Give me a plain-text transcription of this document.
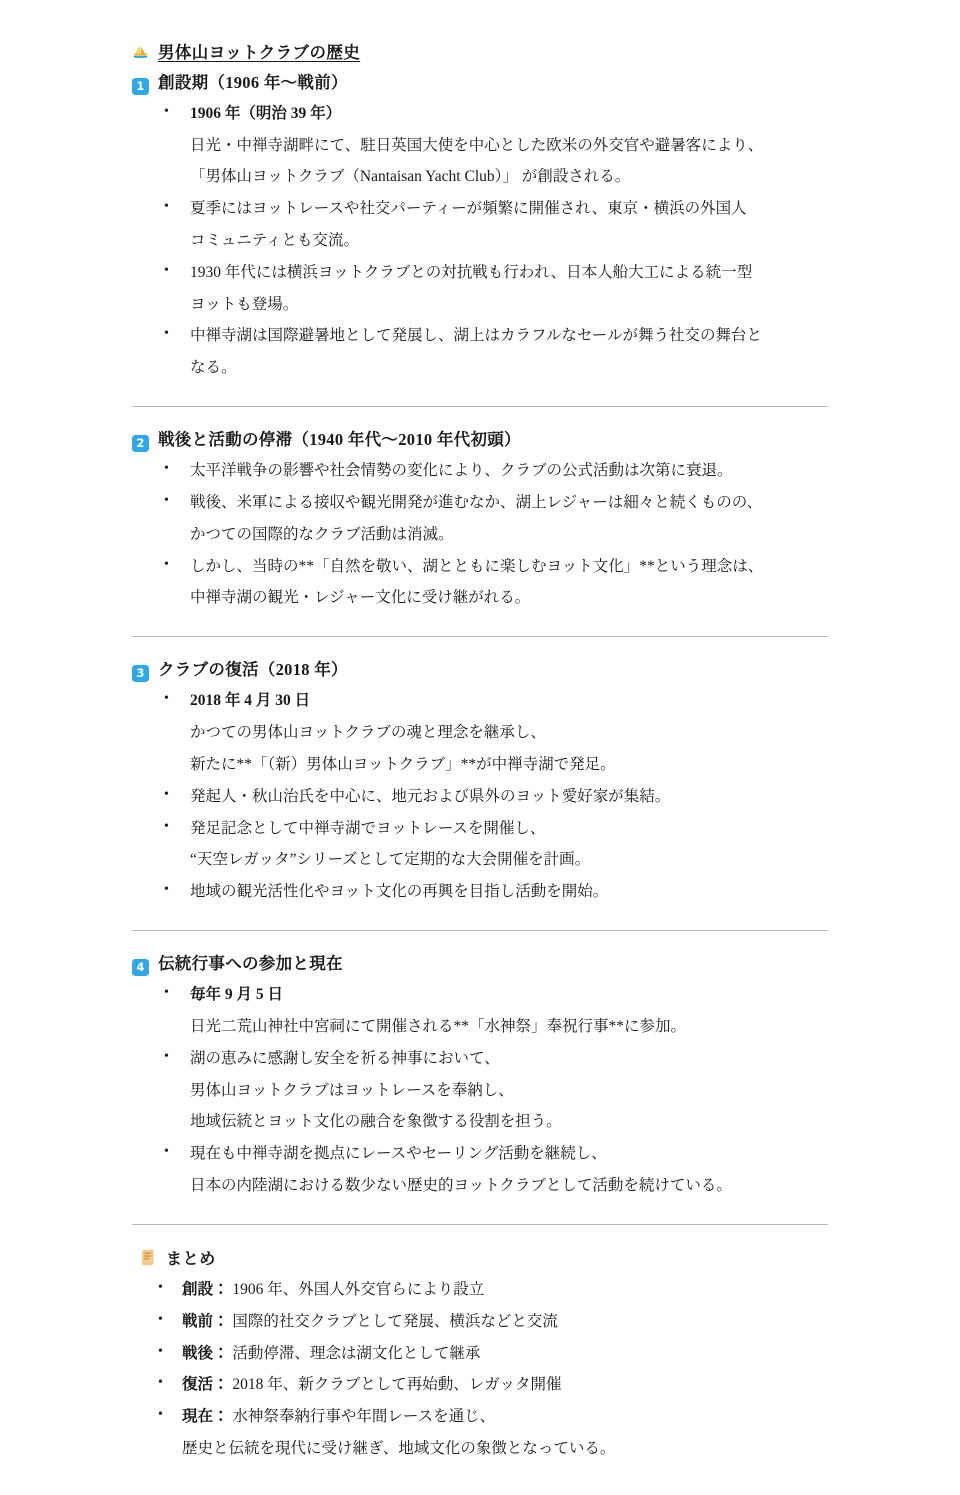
男体山ヨットクラブの歴史
1 創設期（1906 年〜戦前）
• 1906 年（明治 39 年）
日光・中禅寺湖畔にて、駐日英国大使を中心とした欧米の外交官や避暑客により、
「男体山ヨットクラブ（Nantaisan Yacht Club）」 が創設される。
• 夏季にはヨットレースや社交パーティーが頻繁に開催され、東京・横浜の外国人
コミュニティとも交流。
• 1930 年代には横浜ヨットクラブとの対抗戦も行われ、日本人船大工による統一型
ヨットも登場。
• 中禅寺湖は国際避暑地として発展し、湖上はカラフルなセールが舞う社交の舞台と
なる。
2 戦後と活動の停滞（1940 年代〜2010 年代初頭）
• 太平洋戦争の影響や社会情勢の変化により、クラブの公式活動は次第に衰退。
• 戦後、米軍による接収や観光開発が進むなか、湖上レジャーは細々と続くものの、
かつての国際的なクラブ活動は消滅。
• しかし、当時の**「自然を敬い、湖とともに楽しむヨット文化」**という理念は、
中禅寺湖の観光・レジャー文化に受け継がれる。
3 クラブの復活（2018 年）
• 2018 年 4 月 30 日
かつての男体山ヨットクラブの魂と理念を継承し、
新たに**「（新）男体山ヨットクラブ」**が中禅寺湖で発足。
• 発起人・秋山治氏を中心に、地元および県外のヨット愛好家が集結。
• 発足記念として中禅寺湖でヨットレースを開催し、
“天空レガッタ”シリーズとして定期的な大会開催を計画。
• 地域の観光活性化やヨット文化の再興を目指し活動を開始。
4 伝統行事への参加と現在
• 毎年 9 月 5 日
日光二荒山神社中宮祠にて開催される**「水神祭」奉祝行事**に参加。
• 湖の恵みに感謝し安全を祈る神事において、
男体山ヨットクラブはヨットレースを奉納し、
地域伝統とヨット文化の融合を象徴する役割を担う。
• 現在も中禅寺湖を拠点にレースやセーリング活動を継続し、
日本の内陸湖における数少ない歴史的ヨットクラブとして活動を続けている。
まとめ
• 創設： 1906 年、外国人外交官らにより設立
• 戦前： 国際的社交クラブとして発展、横浜などと交流
• 戦後： 活動停滞、理念は湖文化として継承
• 復活： 2018 年、新クラブとして再始動、レガッタ開催
• 現在： 水神祭奉納行事や年間レースを通じ、
歴史と伝統を現代に受け継ぎ、地域文化の象徴となっている。
